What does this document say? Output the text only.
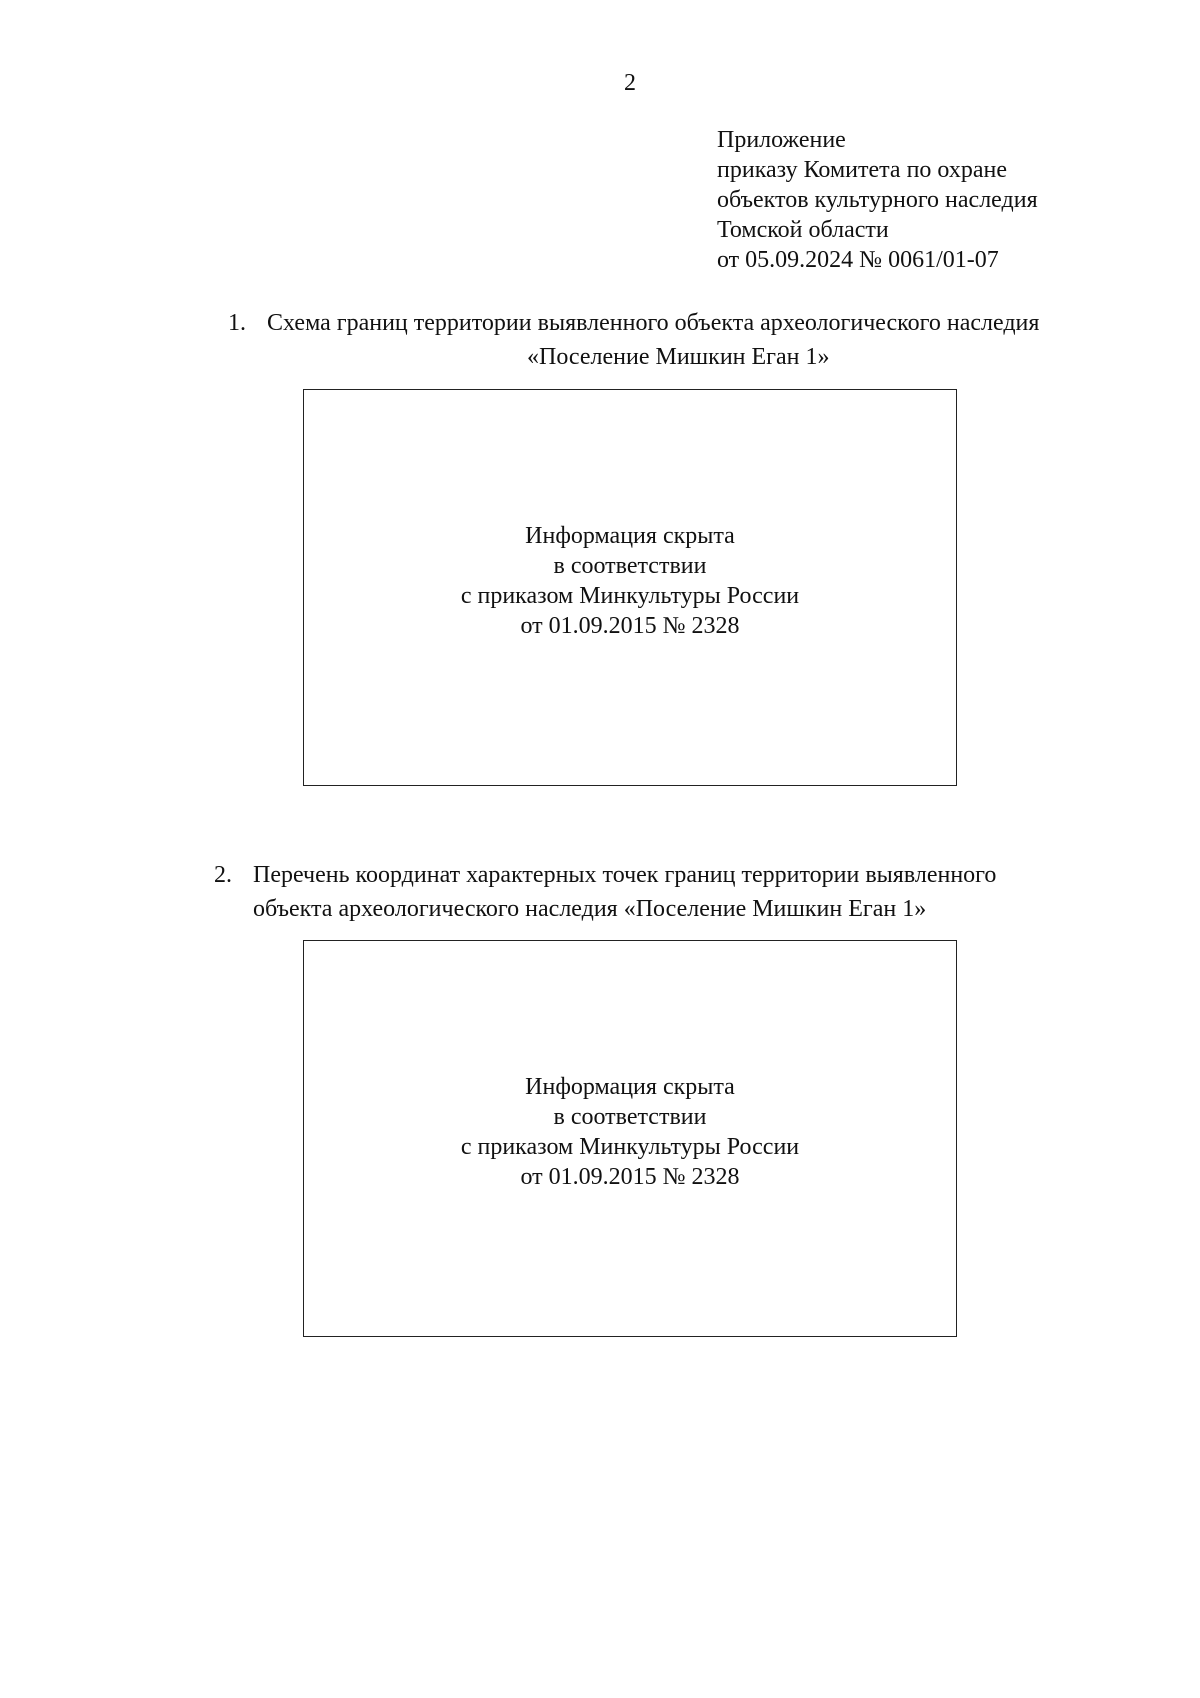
2
Приложение
приказу Комитета по охране
объектов культурного наследия
Томской области
от 05.09.2024 № 0061/01-07
1. Схема границ территории выявленного объекта археологического наследия
«Поселение Мишкин Еган 1»
Информация скрыта
в соответствии
с приказом Минкультуры России
от 01.09.2015 № 2328
2. Перечень координат характерных точек границ территории выявленного
объекта археологического наследия «Поселение Мишкин Еган 1»
Информация скрыта
в соответствии
с приказом Минкультуры России
от 01.09.2015 № 2328
